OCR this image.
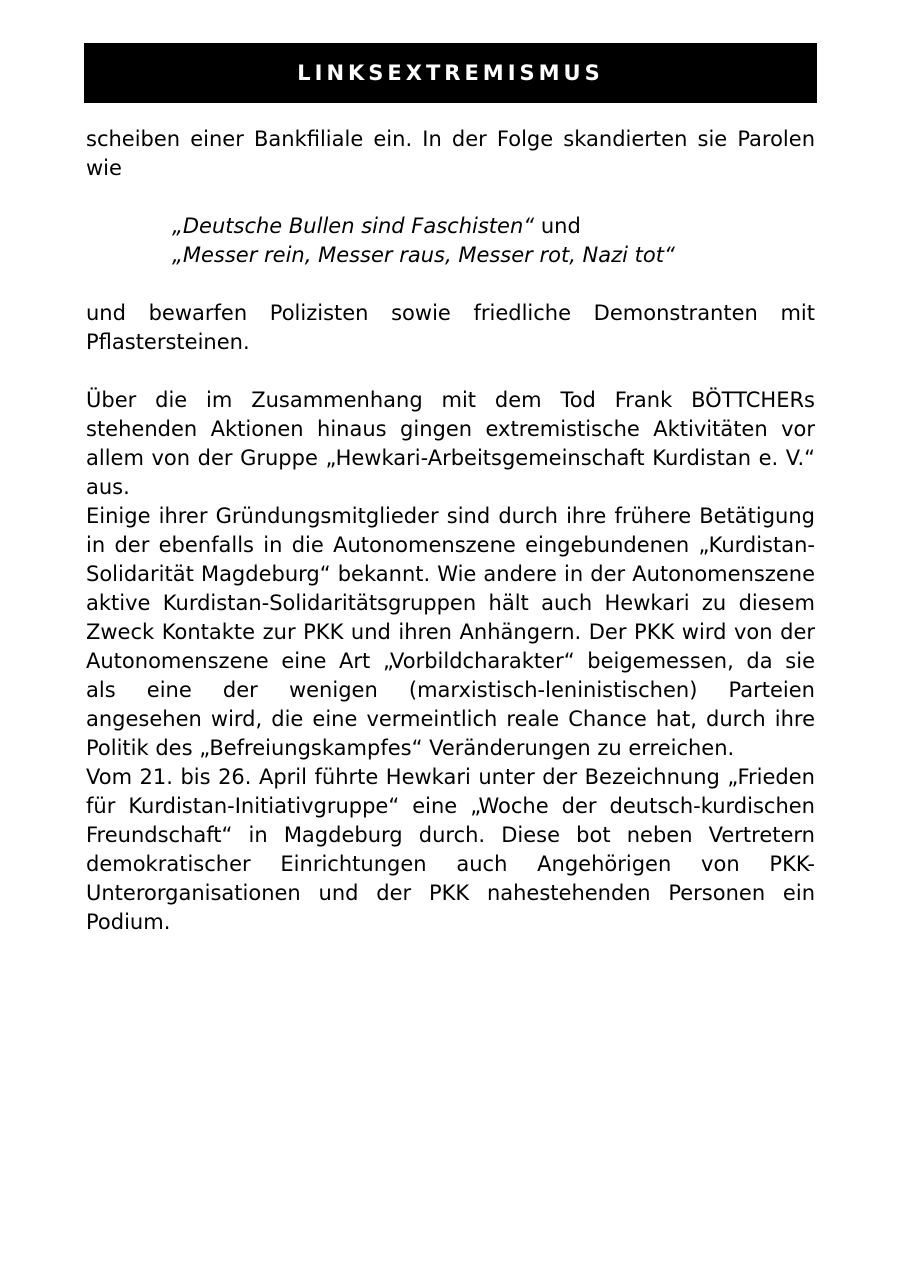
LINKSEXTREMISMUS

scheiben einer Bankfiliale ein. In der Folge skandierten sie Parolen wie

„Deutsche Bullen sind Faschisten“ und
„Messer rein, Messer raus, Messer rot, Nazi tot“

und bewarfen Polizisten sowie friedliche Demonstranten mit Pflastersteinen.

Über die im Zusammenhang mit dem Tod Frank BÖTTCHERs stehenden Aktionen hinaus gingen extremistische Aktivitäten vor allem von der Gruppe „Hewkari-Arbeitsgemeinschaft Kurdistan e. V.“ aus.

Einige ihrer Gründungsmitglieder sind durch ihre frühere Betätigung in der ebenfalls in die Autonomenszene eingebundenen „Kurdistan-Solidarität Magdeburg“ bekannt. Wie andere in der Autonomenszene aktive Kurdistan-Solidaritätsgruppen hält auch Hewkari zu diesem Zweck Kontakte zur PKK und ihren Anhängern. Der PKK wird von der Autonomenszene eine Art „Vorbildcharakter“ beigemessen, da sie als eine der wenigen (marxistisch-leninistischen) Parteien angesehen wird, die eine vermeintlich reale Chance hat, durch ihre Politik des „Befreiungskampfes“ Veränderungen zu erreichen.

Vom 21. bis 26. April führte Hewkari unter der Bezeichnung „Frieden für Kurdistan-Initiativgruppe“ eine „Woche der deutsch-kurdischen Freundschaft“ in Magdeburg durch. Diese bot neben Vertretern demokratischer Einrichtungen auch Angehörigen von PKK-Unterorganisationen und der PKK nahestehenden Personen ein Podium.
